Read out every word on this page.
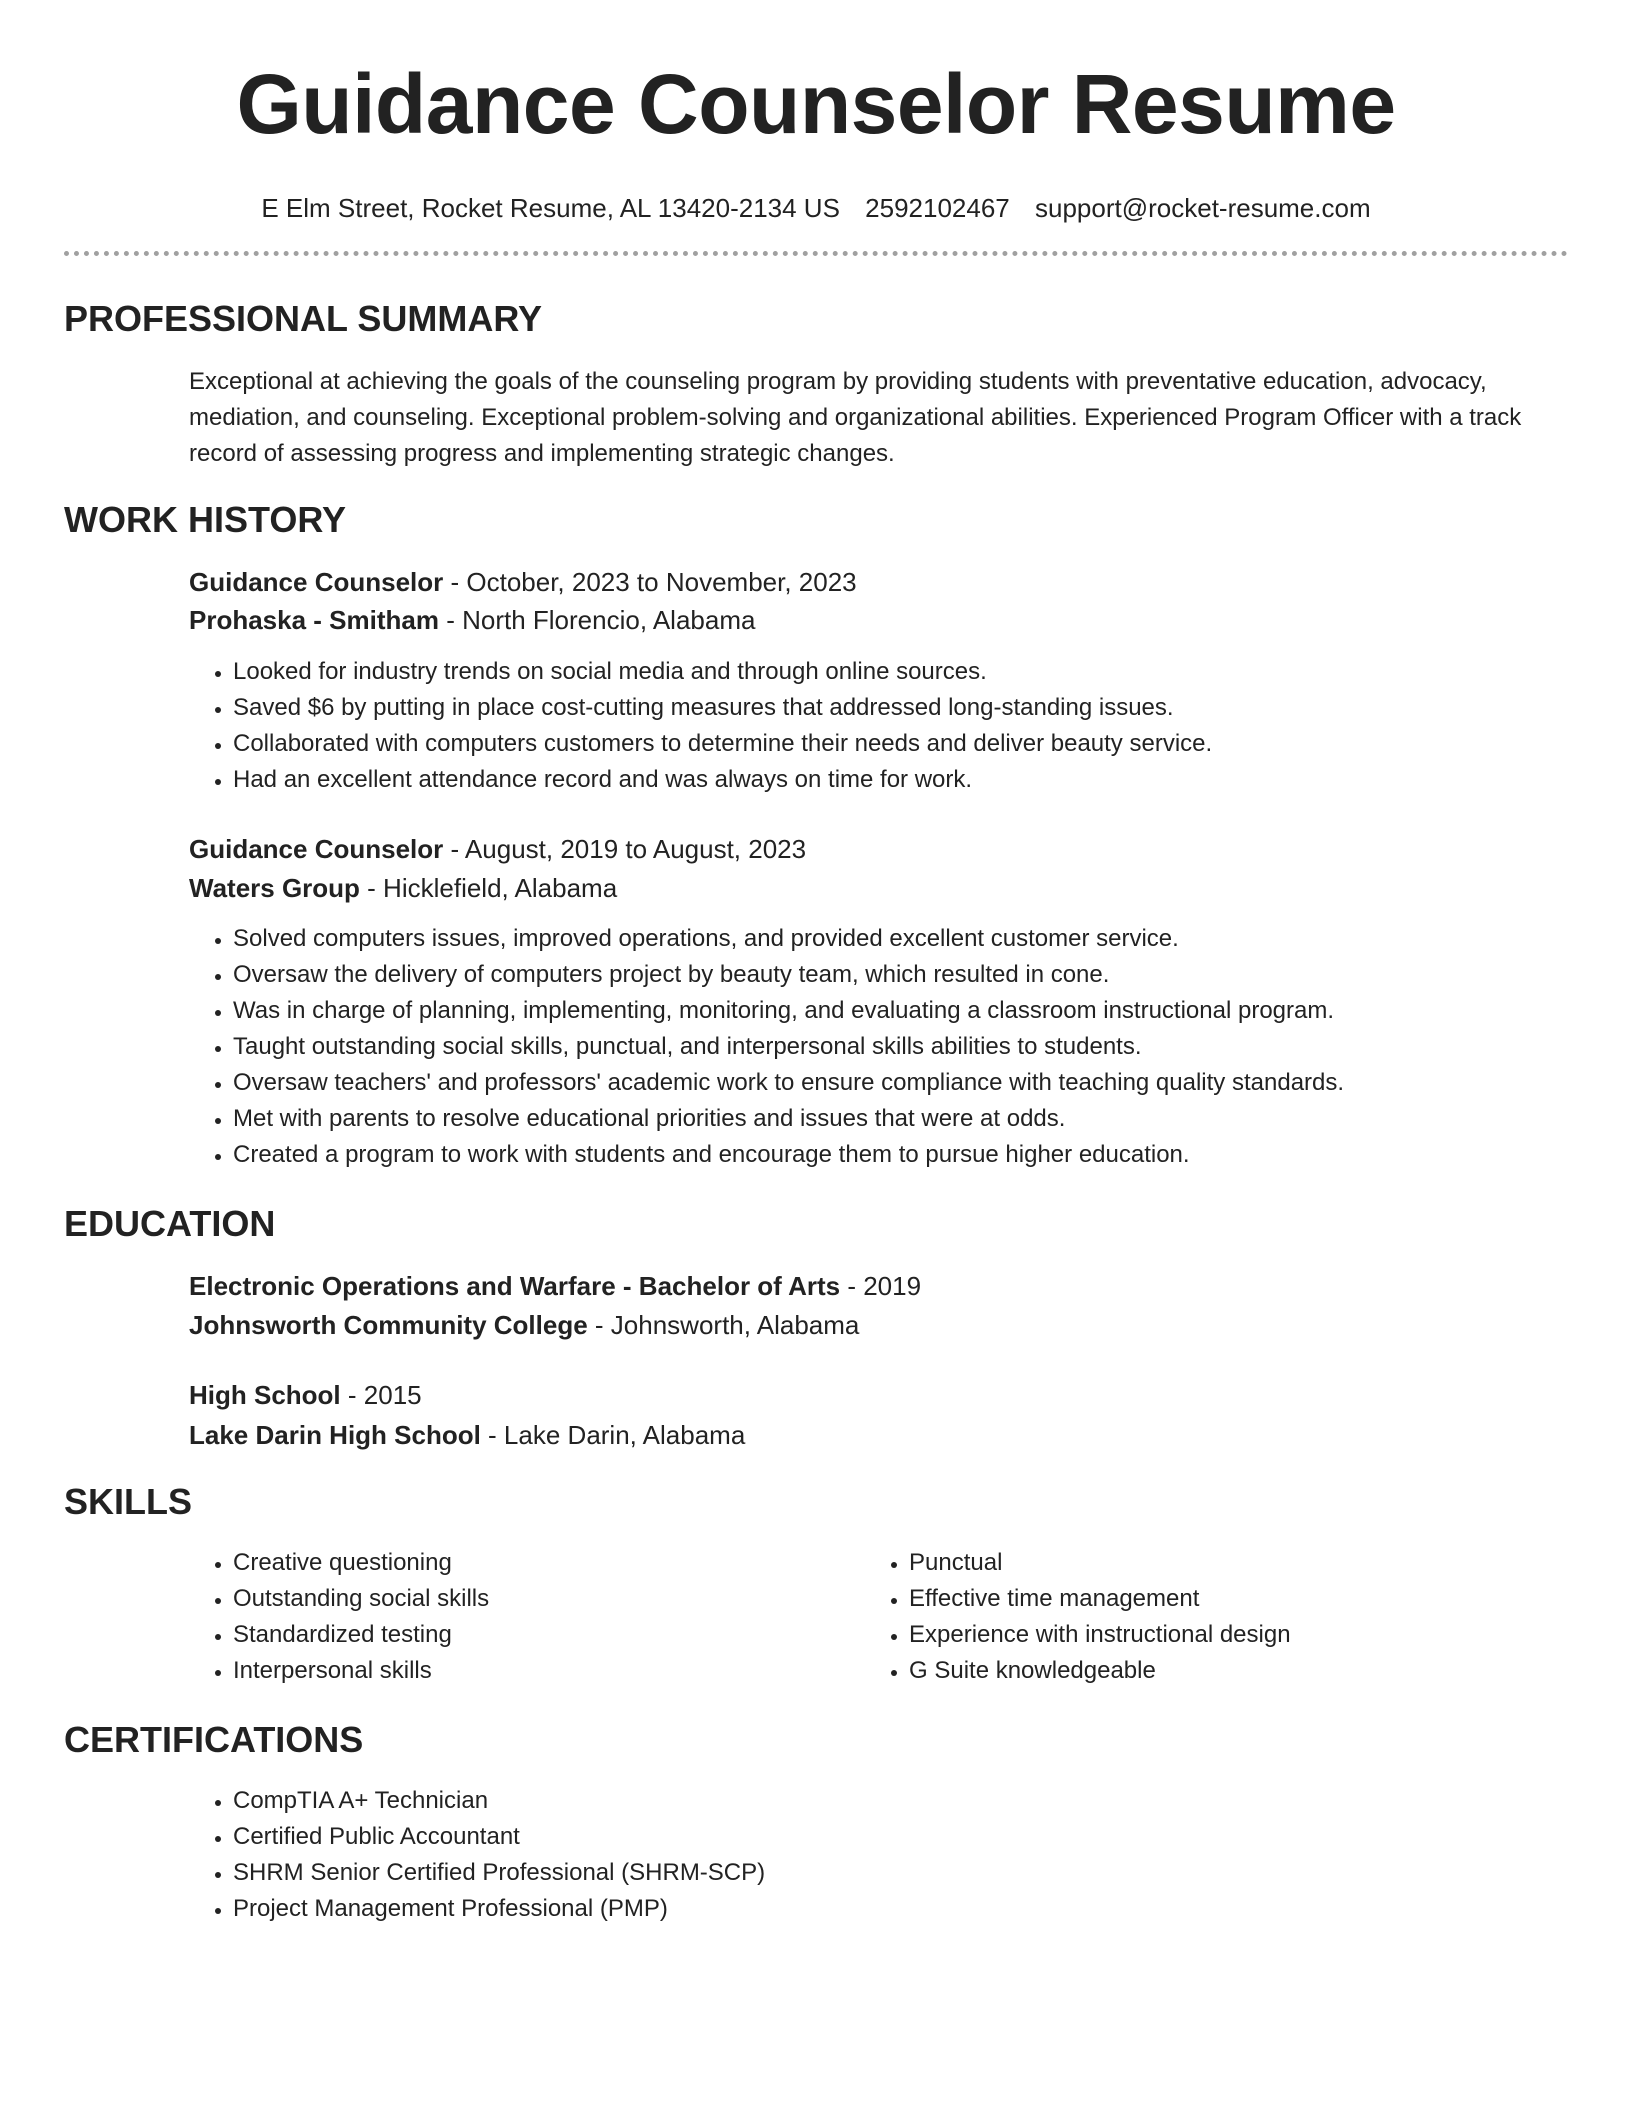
Guidance Counselor Resume
E Elm Street, Rocket Resume, AL 13420-2134 US 2592102467 support@rocket-resume.com
PROFESSIONAL SUMMARY

Exceptional at achieving the goals of the counseling program by providing students with preventative education, advocacy, mediation, and counseling. Exceptional problem-solving and organizational abilities. Experienced Program Officer with a track record of assessing progress and implementing strategic changes.

WORK HISTORY
Guidance Counselor - October, 2023 to November, 2023
Prohaska - Smitham - North Florencio, Alabama
• Looked for industry trends on social media and through online sources.
• Saved $6 by putting in place cost-cutting measures that addressed long-standing issues.
• Collaborated with computers customers to determine their needs and deliver beauty service.
• Had an excellent attendance record and was always on time for work.
Guidance Counselor - August, 2019 to August, 2023
Waters Group - Hicklefield, Alabama
• Solved computers issues, improved operations, and provided excellent customer service.
• Oversaw the delivery of computers project by beauty team, which resulted in cone.
• Was in charge of planning, implementing, monitoring, and evaluating a classroom instructional program.
• Taught outstanding social skills, punctual, and interpersonal skills abilities to students.
• Oversaw teachers' and professors' academic work to ensure compliance with teaching quality standards.
• Met with parents to resolve educational priorities and issues that were at odds.
• Created a program to work with students and encourage them to pursue higher education.
EDUCATION
Electronic Operations and Warfare - Bachelor of Arts - 2019
Johnsworth Community College - Johnsworth, Alabama
High School - 2015
Lake Darin High School - Lake Darin, Alabama
SKILLS
• Creative questioning
• Outstanding social skills
• Standardized testing
• Interpersonal skills
• Punctual
• Effective time management
• Experience with instructional design
• G Suite knowledgeable
CERTIFICATIONS
• CompTIA A+ Technician
• Certified Public Accountant
• SHRM Senior Certified Professional (SHRM-SCP)
• Project Management Professional (PMP)
